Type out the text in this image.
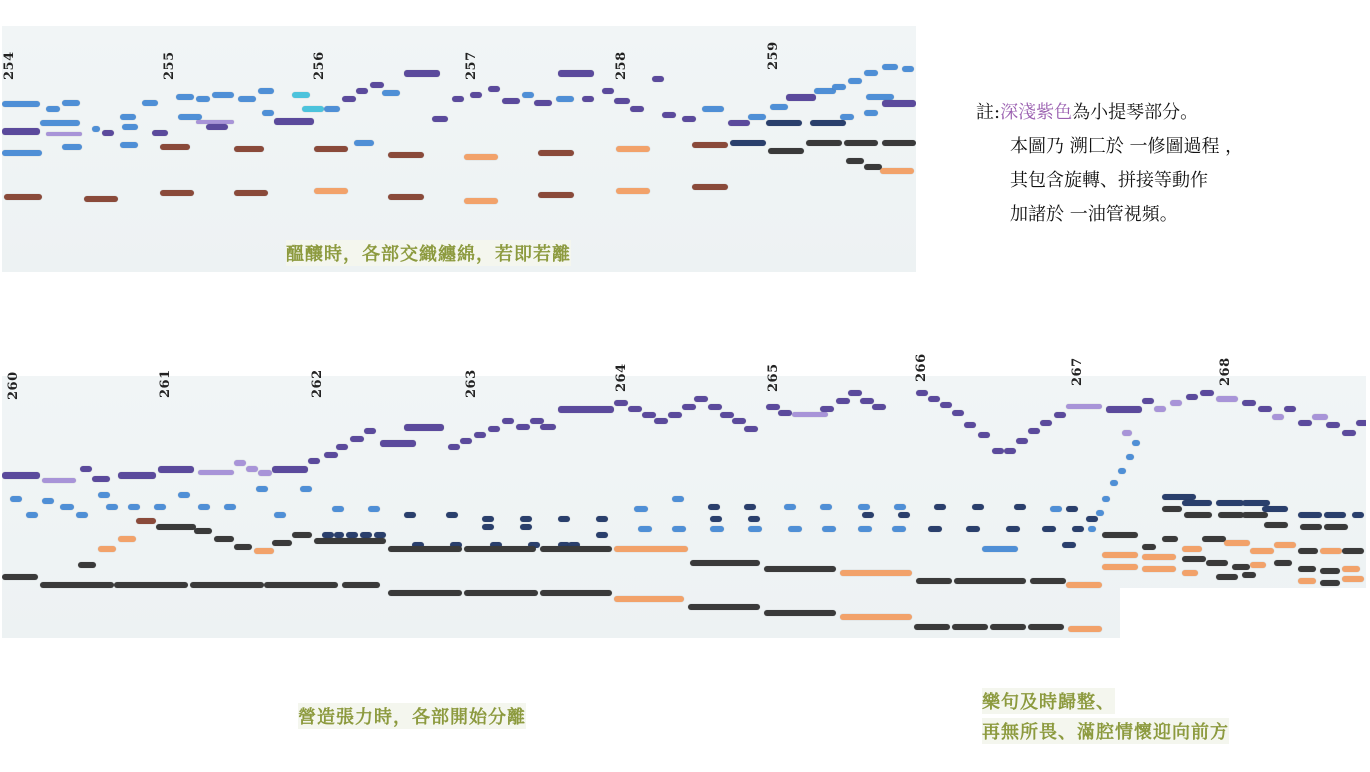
254	255	256	257	258	259
260	261	262	263	264	265	266	267	268
醞釀時，各部交織纏綿，若即若離
營造張力時，各部開始分離
樂句及時歸整、
再無所畏、滿腔情懷迎向前方
註:深淺紫色為小提琴部分。
本圖乃 溯匚於 一修圖過程 ，
其包含旋轉、拼接等動作
加諸於 一油管視頻。
